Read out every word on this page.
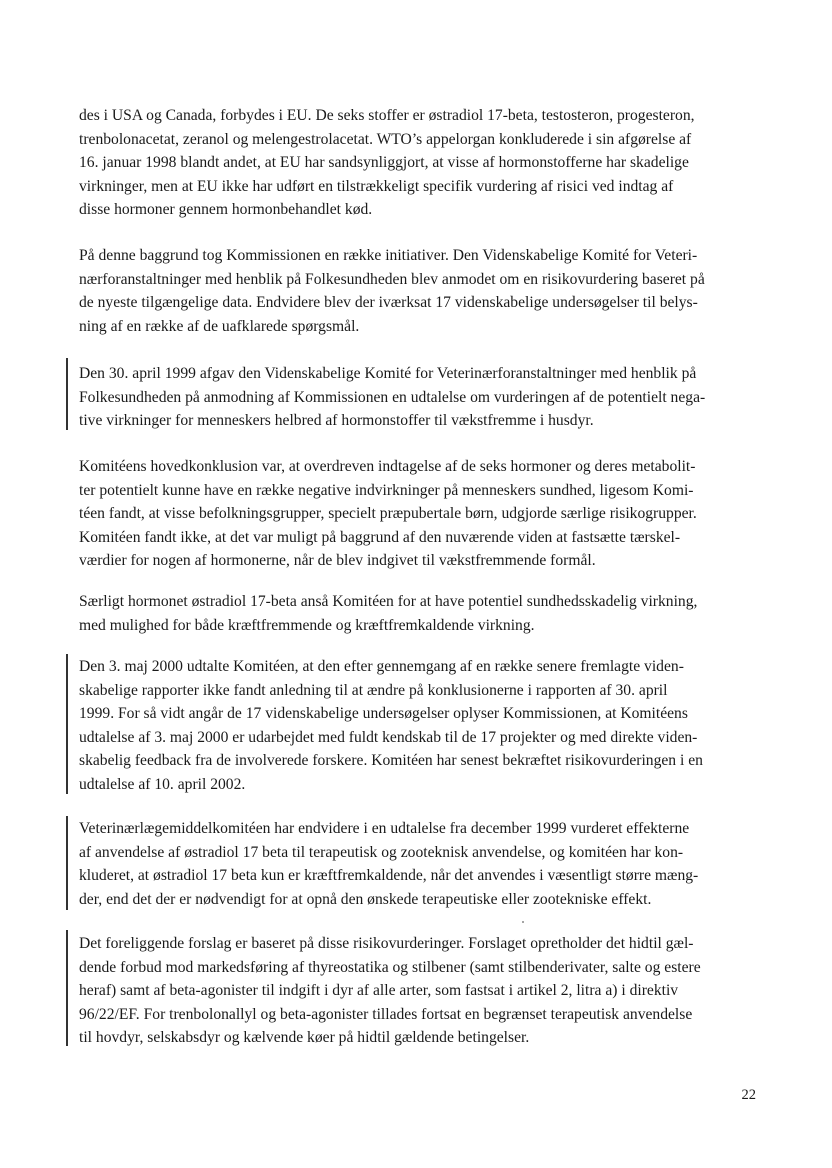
des i USA og Canada, forbydes i EU. De seks stoffer er østradiol 17-beta, testosteron, progesteron,
trenbolonacetat, zeranol og melengestrolacetat. WTO’s appelorgan konkluderede i sin afgørelse af
16. januar 1998 blandt andet, at EU har sandsynliggjort, at visse af hormonstofferne har skadelige
virkninger, men at EU ikke har udført en tilstrækkeligt specifik vurdering af risici ved indtag af
disse hormoner gennem hormonbehandlet kød.

På denne baggrund tog Kommissionen en række initiativer. Den Videnskabelige Komité for Veteri-
nærforanstaltninger med henblik på Folkesundheden blev anmodet om en risikovurdering baseret på
de nyeste tilgængelige data. Endvidere blev der iværksat 17 videnskabelige undersøgelser til belys-
ning af en række af de uafklarede spørgsmål.

Den 30. april 1999 afgav den Videnskabelige Komité for Veterinærforanstaltninger med henblik på
Folkesundheden på anmodning af Kommissionen en udtalelse om vurderingen af de potentielt nega-
tive virkninger for menneskers helbred af hormonstoffer til vækstfremme i husdyr.

Komitéens hovedkonklusion var, at overdreven indtagelse af de seks hormoner og deres metabolit-
ter potentielt kunne have en række negative indvirkninger på menneskers sundhed, ligesom Komi-
téen fandt, at visse befolkningsgrupper, specielt præpubertale børn, udgjorde særlige risikogrupper.
Komitéen fandt ikke, at det var muligt på baggrund af den nuværende viden at fastsætte tærskel-
værdier for nogen af hormonerne, når de blev indgivet til vækstfremmende formål.

Særligt hormonet østradiol 17-beta anså Komitéen for at have potentiel sundhedsskadelig virkning,
med mulighed for både kræftfremmende og kræftfremkaldende virkning.

Den 3. maj 2000 udtalte Komitéen, at den efter gennemgang af en række senere fremlagte viden-
skabelige rapporter ikke fandt anledning til at ændre på konklusionerne i rapporten af 30. april
1999. For så vidt angår de 17 videnskabelige undersøgelser oplyser Kommissionen, at Komitéens
udtalelse af 3. maj 2000 er udarbejdet med fuldt kendskab til de 17 projekter og med direkte viden-
skabelig feedback fra de involverede forskere. Komitéen har senest bekræftet risikovurderingen i en
udtalelse af 10. april 2002.

Veterinærlægemiddelkomitéen har endvidere i en udtalelse fra december 1999 vurderet effekterne
af anvendelse af østradiol 17 beta til terapeutisk og zooteknisk anvendelse, og komitéen har kon-
kluderet, at østradiol 17 beta kun er kræftfremkaldende, når det anvendes i væsentligt større mæng-
der, end det der er nødvendigt for at opnå den ønskede terapeutiske eller zootekniske effekt.

Det foreliggende forslag er baseret på disse risikovurderinger. Forslaget opretholder det hidtil gæl-
dende forbud mod markedsføring af thyreostatika og stilbener (samt stilbenderivater, salte og estere
heraf) samt af beta-agonister til indgift i dyr af alle arter, som fastsat i artikel 2, litra a) i direktiv
96/22/EF. For trenbolonallyl og beta-agonister tillades fortsat en begrænset terapeutisk anvendelse
til hovdyr, selskabsdyr og kælvende køer på hidtil gældende betingelser.

22
